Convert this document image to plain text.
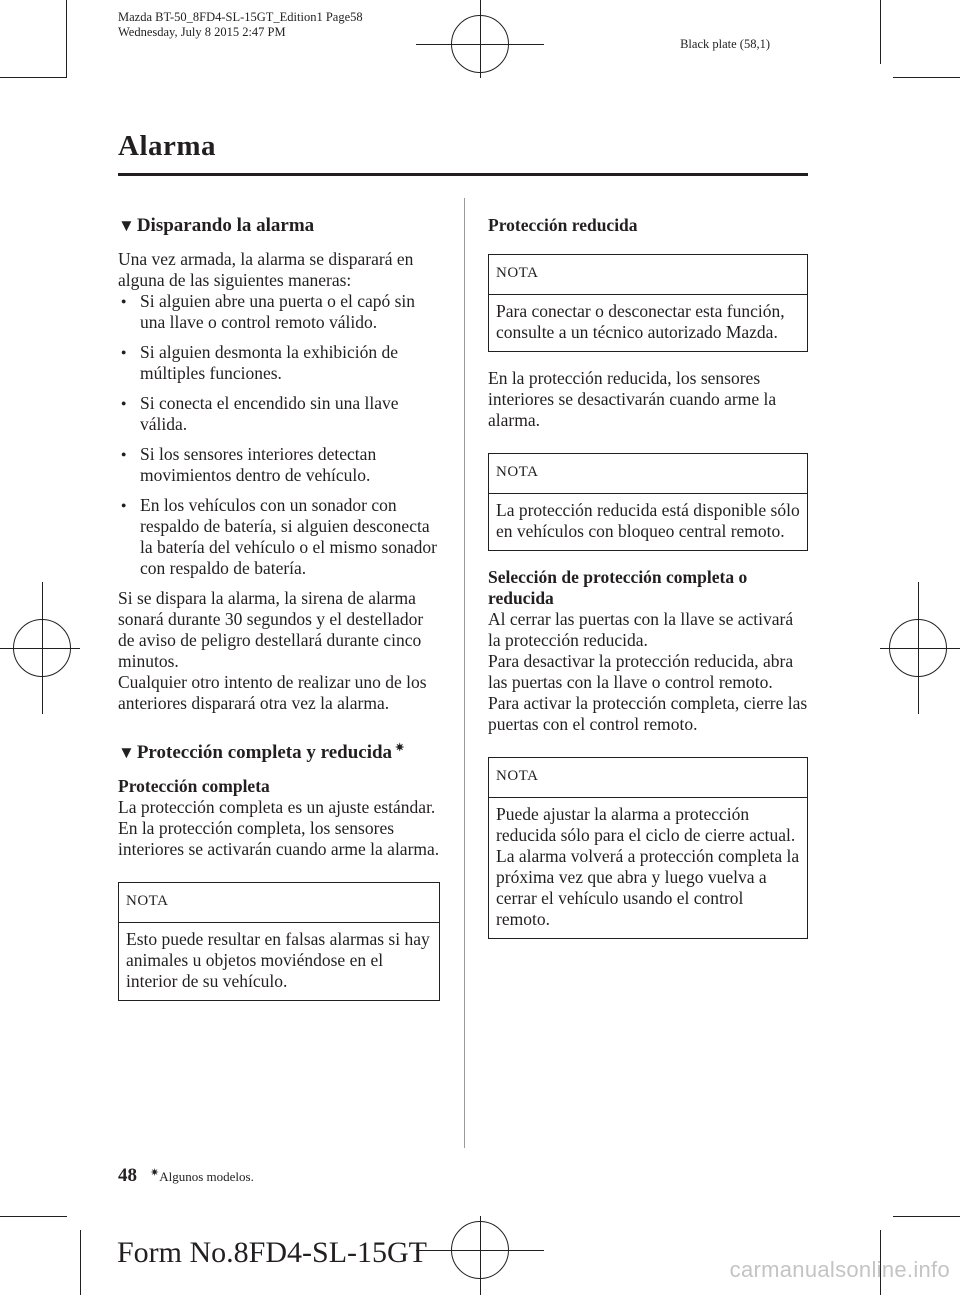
Mazda BT-50_8FD4-SL-15GT_Edition1 Page58
Wednesday, July 8 2015 2:47 PM
Black plate (58,1)
Alarma
▼ Disparando la alarma

Una vez armada, la alarma se disparará en alguna de las siguientes maneras:

● Si alguien abre una puerta o el capó sin una llave o control remoto válido.
● Si alguien desmonta la exhibición de múltiples funciones.
● Si conecta el encendido sin una llave válida.
● Si los sensores interiores detectan movimientos dentro de vehículo.
● En los vehículos con un sonador con respaldo de batería, si alguien desconecta la batería del vehículo o el mismo sonador con respaldo de batería.

Si se dispara la alarma, la sirena de alarma sonará durante 30 segundos y el destellador de aviso de peligro destellará durante cinco minutos.

Cualquier otro intento de realizar uno de los anteriores disparará otra vez la alarma.

▼ Protección completa y reducida ✷

Protección completa

La protección completa es un ajuste estándar.

En la protección completa, los sensores interiores se activarán cuando arme la alarma.

NOTA
Esto puede resultar en falsas alarmas si hay animales u objetos moviéndose en el interior de su vehículo.

Protección reducida

NOTA
Para conectar o desconectar esta función, consulte a un técnico autorizado Mazda.

En la protección reducida, los sensores interiores se desactivarán cuando arme la alarma.

NOTA
La protección reducida está disponible sólo en vehículos con bloqueo central remoto.

Selección de protección completa o reducida

Al cerrar las puertas con la llave se activará la protección reducida.

Para desactivar la protección reducida, abra las puertas con la llave o control remoto.

Para activar la protección completa, cierre las puertas con el control remoto.

NOTA
Puede ajustar la alarma a protección reducida sólo para el ciclo de cierre actual. La alarma volverá a protección completa la próxima vez que abra y luego vuelva a cerrar el vehículo usando el control remoto.
48 ✷Algunos modelos.
Form No.8FD4-SL-15GT
carmanualsonline.info
